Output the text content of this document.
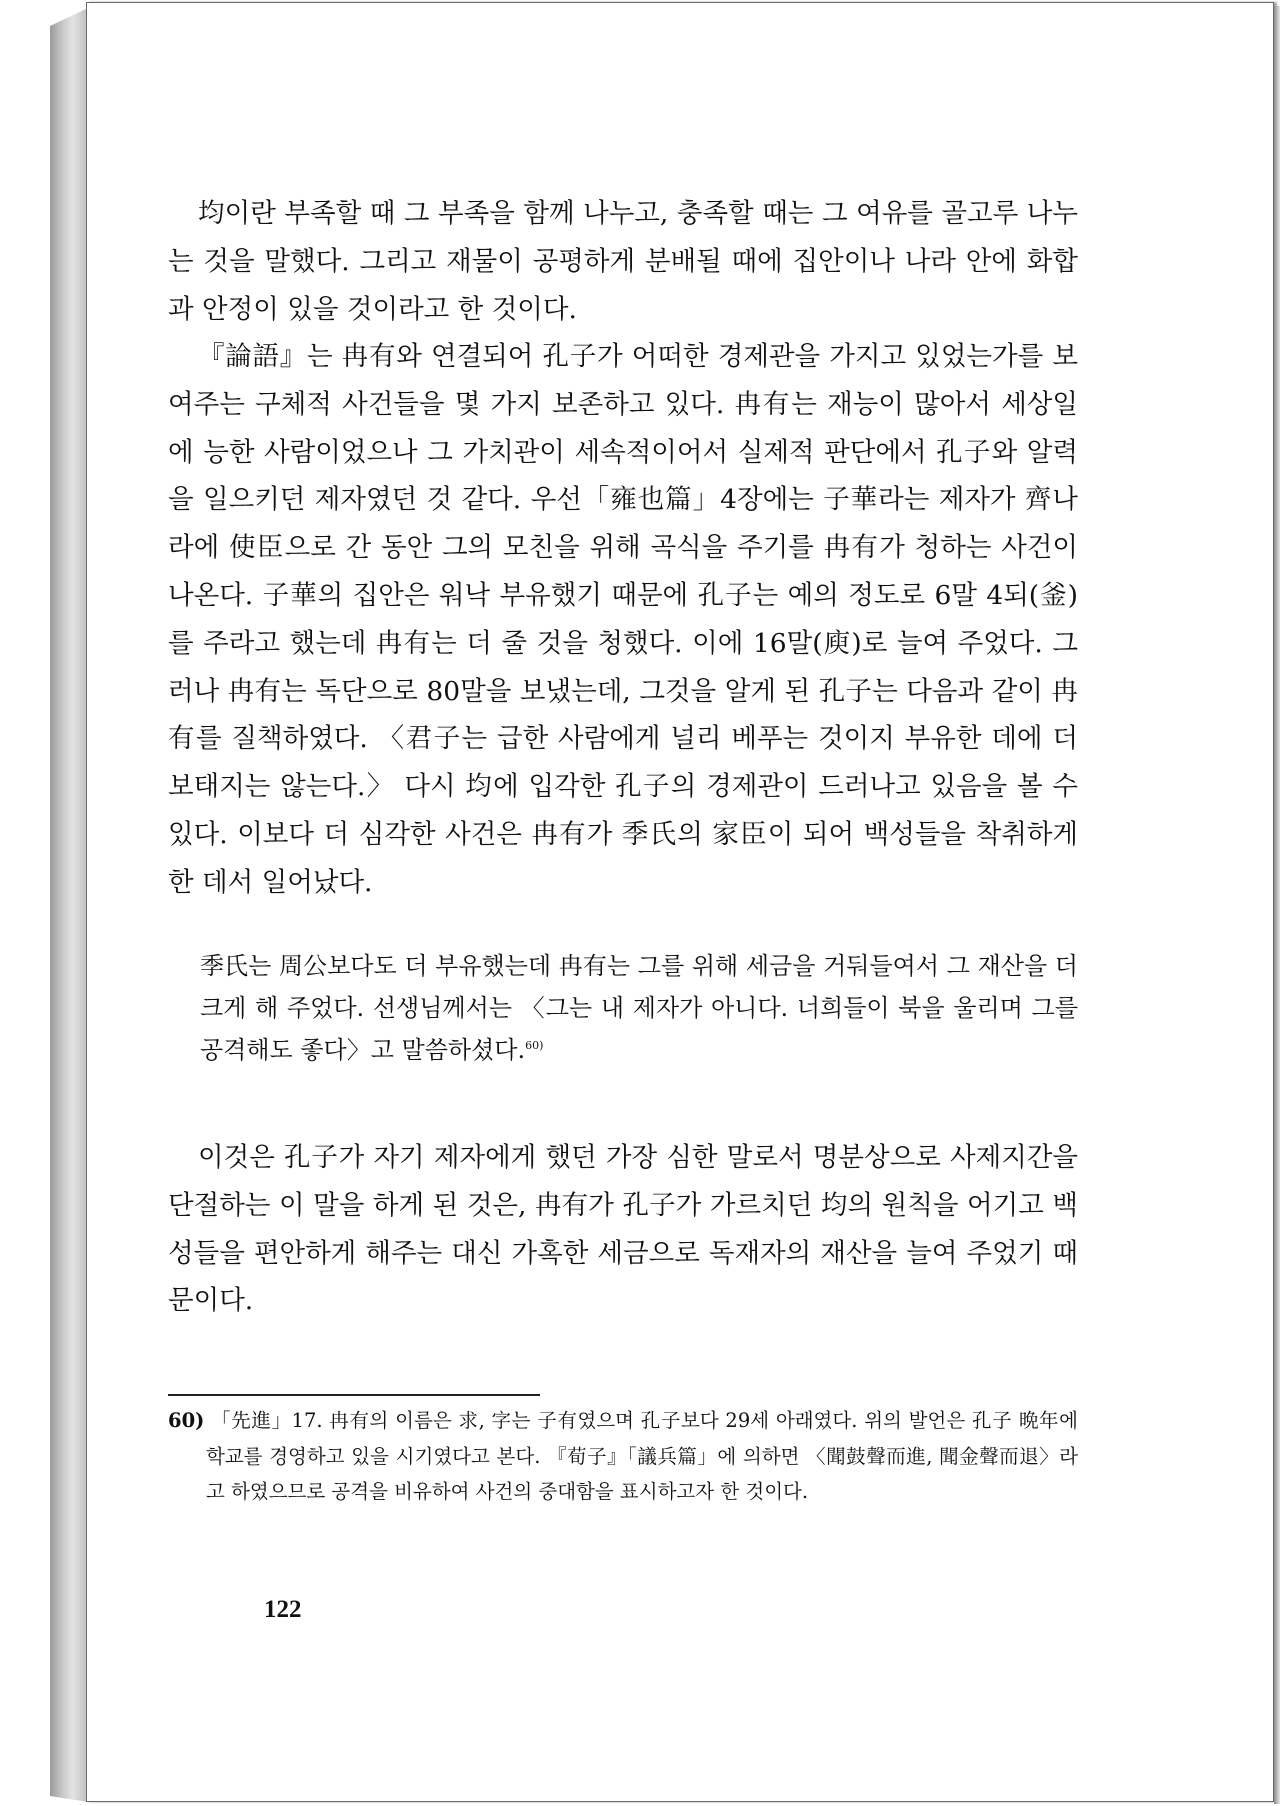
均이란 부족할 때 그 부족을 함께 나누고, 충족할 때는 그 여유를 골고루 나누는 것을 말했다. 그리고 재물이 공평하게 분배될 때에 집안이나 나라 안에 화합과 안정이 있을 것이라고 한 것이다.

『論語』는 冉有와 연결되어 孔子가 어떠한 경제관을 가지고 있었는가를 보여주는 구체적 사건들을 몇 가지 보존하고 있다. 冉有는 재능이 많아서 세상일에 능한 사람이었으나 그 가치관이 세속적이어서 실제적 판단에서 孔子와 알력을 일으키던 제자였던 것 같다. 우선「雍也篇」4장에는 子華라는 제자가 齊나라에 使臣으로 간 동안 그의 모친을 위해 곡식을 주기를 冉有가 청하는 사건이 나온다. 子華의 집안은 워낙 부유했기 때문에 孔子는 예의 정도로 6말 4되(釜)를 주라고 했는데 冉有는 더 줄 것을 청했다. 이에 16말(庾)로 늘여 주었다. 그러나 冉有는 독단으로 80말을 보냈는데, 그것을 알게 된 孔子는 다음과 같이 冉有를 질책하였다. 〈君子는 급한 사람에게 널리 베푸는 것이지 부유한 데에 더 보태지는 않는다.〉 다시 均에 입각한 孔子의 경제관이 드러나고 있음을 볼 수 있다. 이보다 더 심각한 사건은 冉有가 季氏의 家臣이 되어 백성들을 착취하게 한 데서 일어났다.

季氏는 周公보다도 더 부유했는데 冉有는 그를 위해 세금을 거둬들여서 그 재산을 더 크게 해 주었다. 선생님께서는 〈그는 내 제자가 아니다. 너희들이 북을 울리며 그를 공격해도 좋다〉고 말씀하셨다.$^{60)}$

이것은 孔子가 자기 제자에게 했던 가장 심한 말로서 명분상으로 사제지간을 단절하는 이 말을 하게 된 것은, 冉有가 孔子가 가르치던 均의 원칙을 어기고 백성들을 편안하게 해주는 대신 가혹한 세금으로 독재자의 재산을 늘여 주었기 때문이다.

60) 「先進」17. 冉有의 이름은 求, 字는 子有였으며 孔子보다 29세 아래였다. 위의 발언은 孔子 晩年에 학교를 경영하고 있을 시기였다고 본다. 『荀子』「議兵篇」에 의하면 〈聞鼓聲而進, 聞金聲而退〉라고 하였으므로 공격을 비유하여 사건의 중대함을 표시하고자 한 것이다.

122
